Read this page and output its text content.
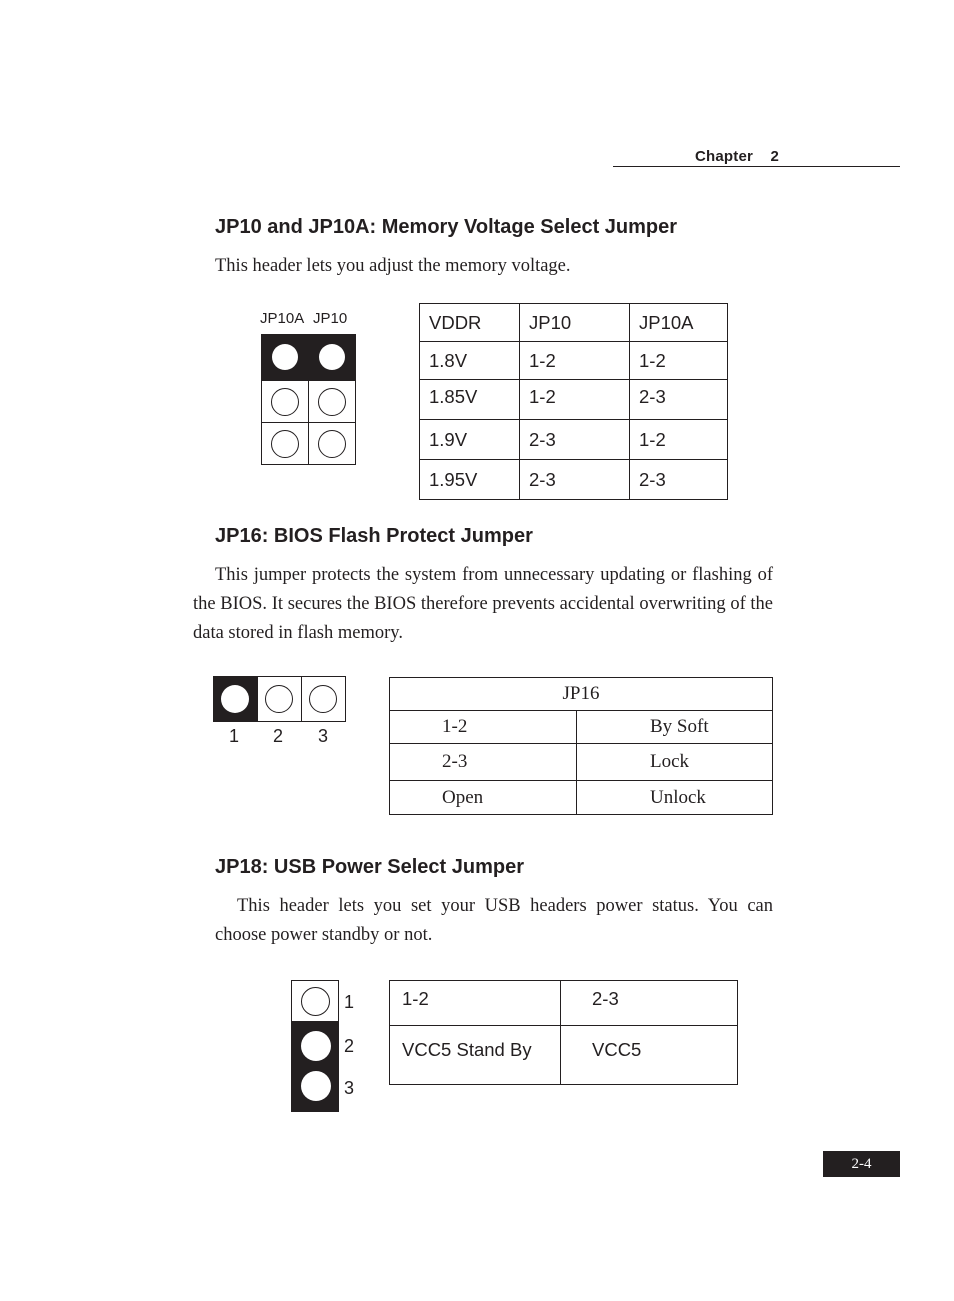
Chapter    2
JP10 and JP10A: Memory Voltage Select Jumper

This header lets you adjust the memory voltage.

JP10A JP10	VDDR	JP10	JP10A
1.8V	1-2	1-2
1.85V	1-2	2-3
1.9V	2-3	1-2
1.95V	2-3	2-3
JP16: BIOS Flash Protect Jumper

This jumper protects the system from unnecessary updating or flashing of the BIOS. It secures the BIOS therefore prevents accidental overwriting of the data stored in flash memory.

1 2 3
JP16	
1-2	By Soft
2-3	Lock
Open	Unlock
JP18: USB Power Select Jumper

This header lets you set your USB headers power status. You can choose power standby or not.

1
2
3
1-2	2-3
VCC5 Stand By	VCC5
2-4
